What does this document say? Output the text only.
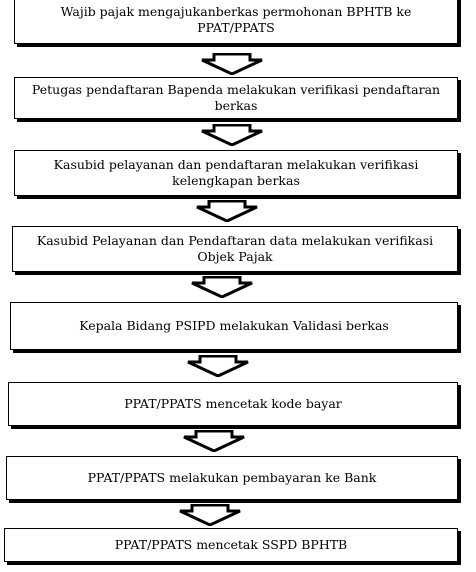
Wajib pajak mengajukanberkas permohonan BPHTB ke PPAT/PPATS
Petugas pendaftaran Bapenda melakukan verifikasi pendaftaran berkas
Kasubid pelayanan dan pendaftaran melakukan verifikasi kelengkapan berkas
Kasubid Pelayanan dan Pendaftaran data melakukan verifikasi Objek Pajak
Kepala Bidang PSIPD melakukan Validasi berkas
PPAT/PPATS mencetak kode bayar
PPAT/PPATS melakukan pembayaran ke Bank
PPAT/PPATS mencetak SSPD BPHTB
